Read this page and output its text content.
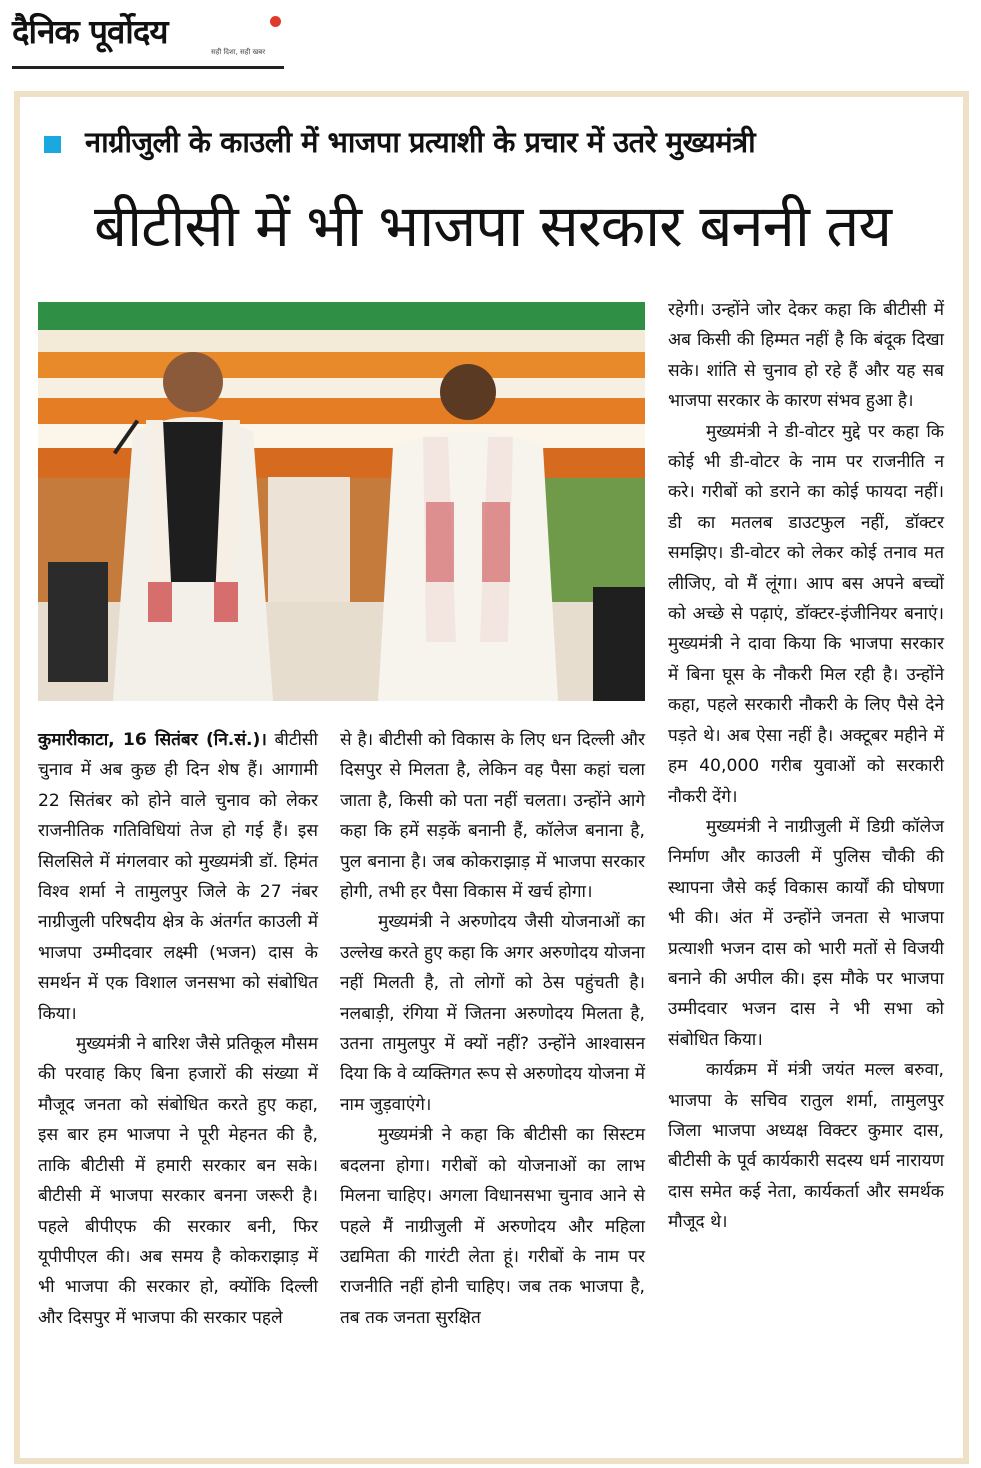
दैनिक पूर्वोदय
सही दिशा, सही खबर
नाग्रीजुली के काउली में भाजपा प्रत्याशी के प्रचार में उतरे मुख्यमंत्री
बीटीसी में भी भाजपा सरकार बननी तय

कुमारीकाटा, 16 सितंबर (नि.सं.)। बीटीसी चुनाव में अब कुछ ही दिन शेष हैं। आगामी 22 सितंबर को होने वाले चुनाव को लेकर राजनीतिक गतिविधियां तेज हो गई हैं। इस सिलसिले में मंगलवार को मुख्यमंत्री डॉ. हिमंत विश्व शर्मा ने तामुलपुर जिले के 27 नंबर नाग्रीजुली परिषदीय क्षेत्र के अंतर्गत काउली में भाजपा उम्मीदवार लक्ष्मी (भजन) दास के समर्थन में एक विशाल जनसभा को संबोधित किया।

मुख्यमंत्री ने बारिश जैसे प्रतिकूल मौसम की परवाह किए बिना हजारों की संख्या में मौजूद जनता को संबोधित करते हुए कहा, इस बार हम भाजपा ने पूरी मेहनत की है, ताकि बीटीसी में हमारी सरकार बन सके। बीटीसी में भाजपा सरकार बनना जरूरी है। पहले बीपीएफ की सरकार बनी, फिर यूपीपीएल की। अब समय है कोकराझाड़ में भी भाजपा की सरकार हो, क्योंकि दिल्ली और दिसपुर में भाजपा की सरकार पहले

से है। बीटीसी को विकास के लिए धन दिल्ली और दिसपुर से मिलता है, लेकिन वह पैसा कहां चला जाता है, किसी को पता नहीं चलता। उन्होंने आगे कहा कि हमें सड़कें बनानी हैं, कॉलेज बनाना है, पुल बनाना है। जब कोकराझाड़ में भाजपा सरकार होगी, तभी हर पैसा विकास में खर्च होगा।

मुख्यमंत्री ने अरुणोदय जैसी योजनाओं का उल्लेख करते हुए कहा कि अगर अरुणोदय योजना नहीं मिलती है, तो लोगों को ठेस पहुंचती है। नलबाड़ी, रंगिया में जितना अरुणोदय मिलता है, उतना तामुलपुर में क्यों नहीं? उन्होंने आश्वासन दिया कि वे व्यक्तिगत रूप से अरुणोदय योजना में नाम जुड़वाएंगे।

मुख्यमंत्री ने कहा कि बीटीसी का सिस्टम बदलना होगा। गरीबों को योजनाओं का लाभ मिलना चाहिए। अगला विधानसभा चुनाव आने से पहले मैं नाग्रीजुली में अरुणोदय और महिला उद्यमिता की गारंटी लेता हूं। गरीबों के नाम पर राजनीति नहीं होनी चाहिए। जब तक भाजपा है, तब तक जनता सुरक्षित

रहेगी। उन्होंने जोर देकर कहा कि बीटीसी में अब किसी की हिम्मत नहीं है कि बंदूक दिखा सके। शांति से चुनाव हो रहे हैं और यह सब भाजपा सरकार के कारण संभव हुआ है।

मुख्यमंत्री ने डी-वोटर मुद्दे पर कहा कि कोई भी डी-वोटर के नाम पर राजनीति न करे। गरीबों को डराने का कोई फायदा नहीं। डी का मतलब डाउटफुल नहीं, डॉक्टर समझिए। डी-वोटर को लेकर कोई तनाव मत लीजिए, वो मैं लूंगा। आप बस अपने बच्चों को अच्छे से पढ़ाएं, डॉक्टर-इंजीनियर बनाएं। मुख्यमंत्री ने दावा किया कि भाजपा सरकार में बिना घूस के नौकरी मिल रही है। उन्होंने कहा, पहले सरकारी नौकरी के लिए पैसे देने पड़ते थे। अब ऐसा नहीं है। अक्टूबर महीने में हम 40,000 गरीब युवाओं को सरकारी नौकरी देंगे।

मुख्यमंत्री ने नाग्रीजुली में डिग्री कॉलेज निर्माण और काउली में पुलिस चौकी की स्थापना जैसे कई विकास कार्यों की घोषणा भी की। अंत में उन्होंने जनता से भाजपा प्रत्याशी भजन दास को भारी मतों से विजयी बनाने की अपील की। इस मौके पर भाजपा उम्मीदवार भजन दास ने भी सभा को संबोधित किया।

कार्यक्रम में मंत्री जयंत मल्ल बरुवा, भाजपा के सचिव रातुल शर्मा, तामुलपुर जिला भाजपा अध्यक्ष विक्टर कुमार दास, बीटीसी के पूर्व कार्यकारी सदस्य धर्म नारायण दास समेत कई नेता, कार्यकर्ता और समर्थक मौजूद थे।
